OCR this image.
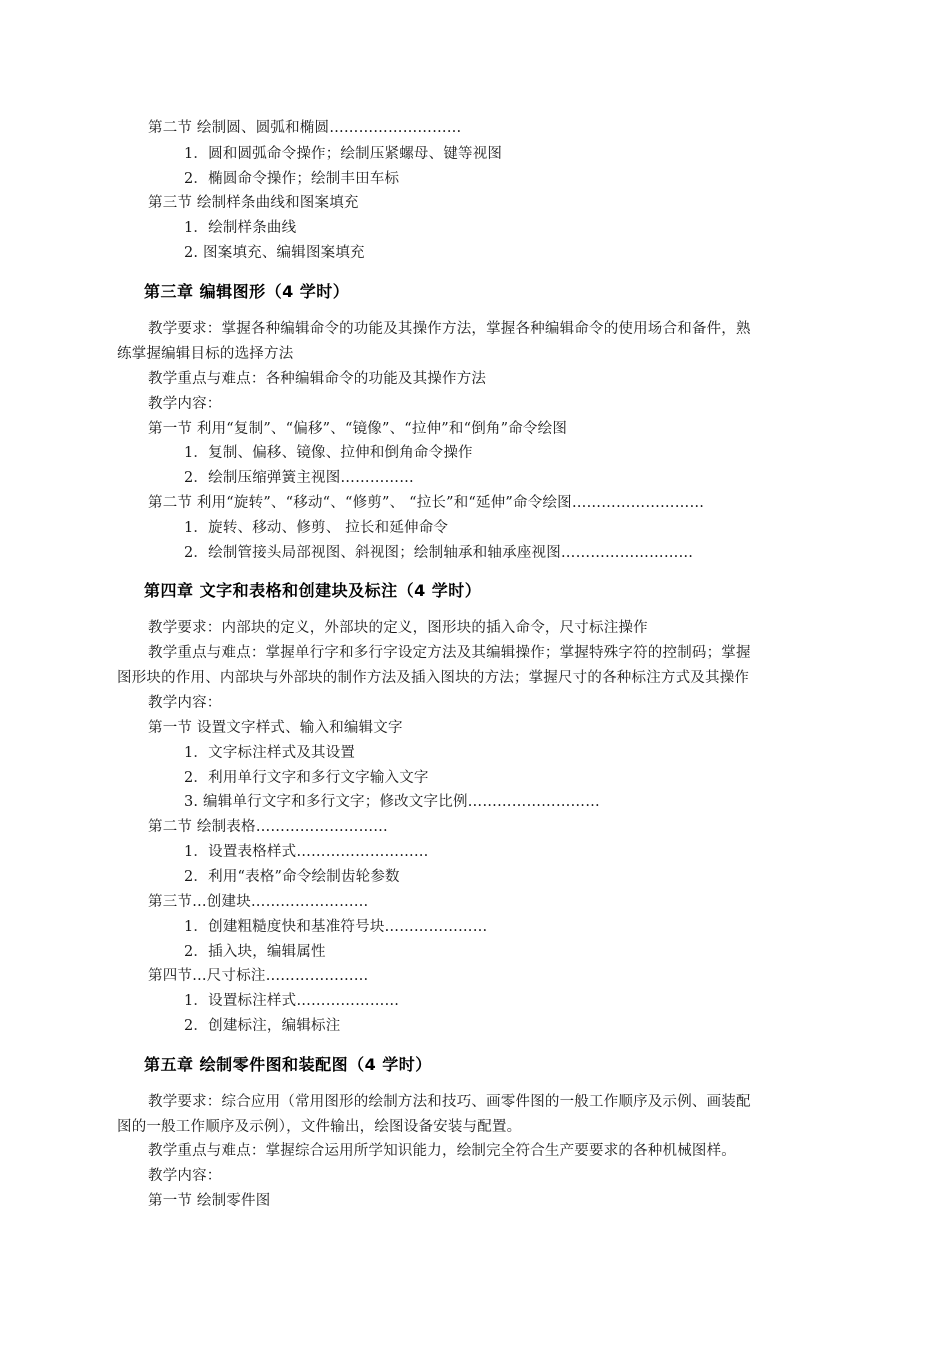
第二节 绘制圆、圆弧和椭圆………………………
1．圆和圆弧命令操作；绘制压紧螺母、键等视图
2．椭圆命令操作；绘制丰田车标
第三节 绘制样条曲线和图案填充
1．绘制样条曲线
2. 图案填充、编辑图案填充
第三章 编辑图形（4 学时）
教学要求：掌握各种编辑命令的功能及其操作方法，掌握各种编辑命令的使用场合和备件，熟
练掌握编辑目标的选择方法
教学重点与难点：各种编辑命令的功能及其操作方法
教学内容：
第一节 利用“复制”、“偏移”、“镜像”、“拉伸”和“倒角”命令绘图
1．复制、偏移、镜像、拉伸和倒角命令操作
2．绘制压缩弹簧主视图……………
第二节 利用“旋转”、“移动“、“修剪”、 “拉长”和“延伸”命令绘图………………………
1．旋转、移动、修剪、 拉长和延伸命令
2．绘制管接头局部视图、斜视图；绘制轴承和轴承座视图………………………
第四章 文字和表格和创建块及标注（4 学时）
教学要求：内部块的定义，外部块的定义，图形块的插入命令，尺寸标注操作
教学重点与难点：掌握单行字和多行字设定方法及其编辑操作；掌握特殊字符的控制码；掌握
图形块的作用、内部块与外部块的制作方法及插入图块的方法；掌握尺寸的各种标注方式及其操作
教学内容：
第一节 设置文字样式、输入和编辑文字
1．文字标注样式及其设置
2．利用单行文字和多行文字输入文字
3. 编辑单行文字和多行文字；修改文字比例………………………
第二节 绘制表格………………………
1．设置表格样式………………………
2．利用“表格”命令绘制齿轮参数
第三节…创建块……………………
1．创建粗糙度快和基准符号块…………………
2．插入块，编辑属性
第四节…尺寸标注…………………
1．设置标注样式…………………
2．创建标注，编辑标注
第五章 绘制零件图和装配图（4 学时）
教学要求：综合应用（常用图形的绘制方法和技巧、画零件图的一般工作顺序及示例、画装配
图的一般工作顺序及示例），文件输出，绘图设备安装与配置。
教学重点与难点：掌握综合运用所学知识能力，绘制完全符合生产要要求的各种机械图样。
教学内容：
第一节 绘制零件图
